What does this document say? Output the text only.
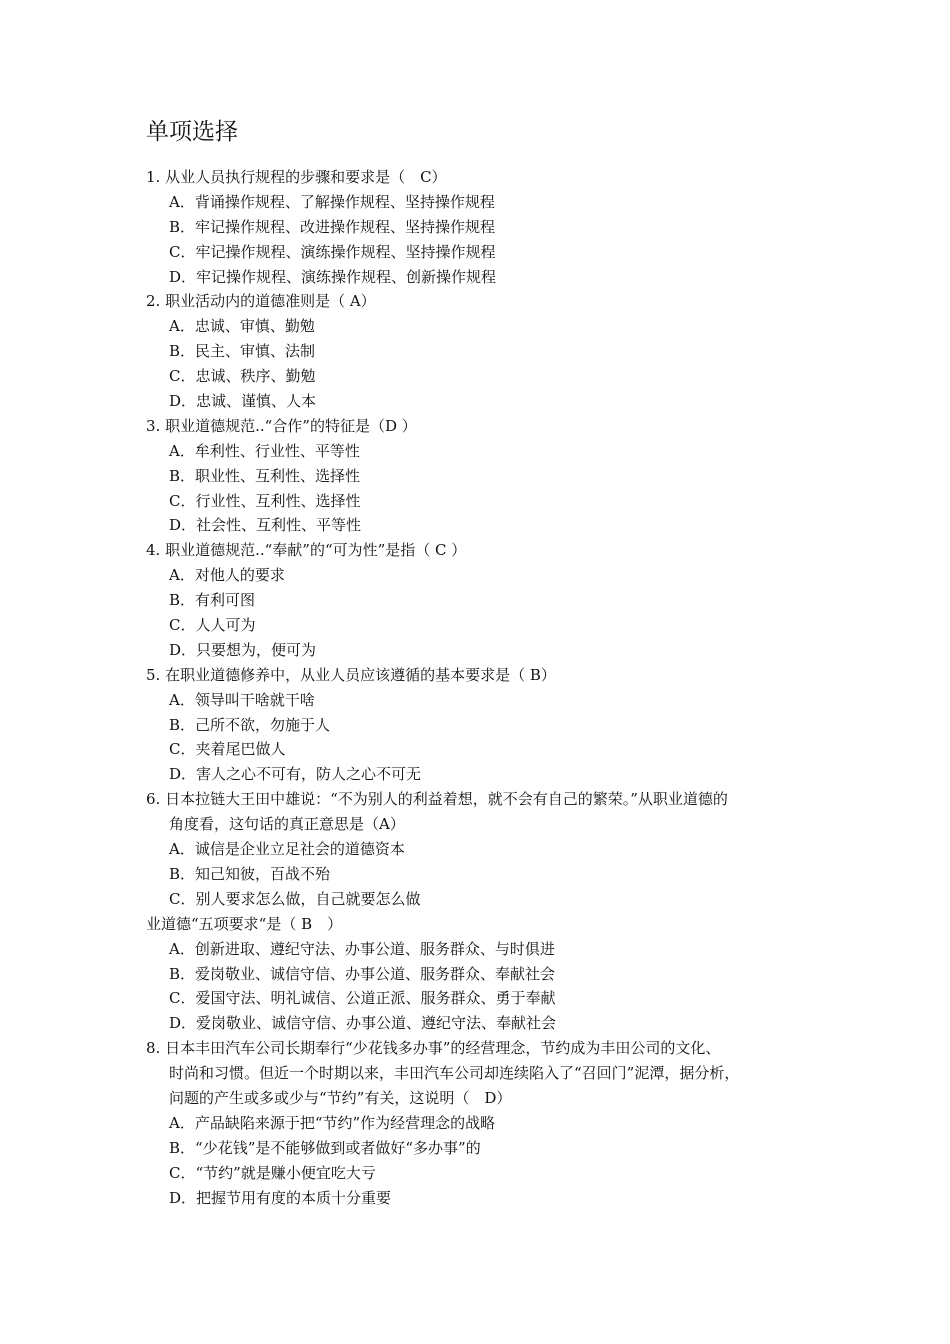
单项选择
1. 从业人员执行规程的步骤和要求是（　C）
A．背诵操作规程、了解操作规程、坚持操作规程
B．牢记操作规程、改进操作规程、坚持操作规程
C．牢记操作规程、演练操作规程、坚持操作规程
D．牢记操作规程、演练操作规程、创新操作规程
2. 职业活动内的道德准则是（ A）
A．忠诚、审慎、勤勉
B．民主、审慎、法制
C．忠诚、秩序、勤勉
D．忠诚、谨慎、人本
3. 职业道德规范..“合作”的特征是（D ）
A．牟利性、行业性、平等性
B．职业性、互利性、选择性
C．行业性、互利性、选择性
D．社会性、互利性、平等性
4. 职业道德规范..“奉献”的“可为性”是指（ C ）
A．对他人的要求
B．有利可图
C．人人可为
D．只要想为，便可为
5. 在职业道德修养中，从业人员应该遵循的基本要求是（ B）
A．领导叫干啥就干啥
B．己所不欲，勿施于人
C．夹着尾巴做人
D．害人之心不可有，防人之心不可无
6. 日本拉链大王田中雄说：“不为别人的利益着想，就不会有自己的繁荣。”从职业道德的
角度看，这句话的真正意思是（A）
A．诚信是企业立足社会的道德资本
B．知己知彼，百战不殆
C．别人要求怎么做，自己就要怎么做
业道德“五项要求“是（ B　）
A．创新进取、遵纪守法、办事公道、服务群众、与时俱进
B．爱岗敬业、诚信守信、办事公道、服务群众、奉献社会
C．爱国守法、明礼诚信、公道正派、服务群众、勇于奉献
D．爱岗敬业、诚信守信、办事公道、遵纪守法、奉献社会
8. 日本丰田汽车公司长期奉行“少花钱多办事”的经营理念，节约成为丰田公司的文化、
时尚和习惯。但近一个时期以来，丰田汽车公司却连续陷入了“召回门”泥潭，据分析，
问题的产生或多或少与“节约”有关，这说明（　D）
A．产品缺陷来源于把“节约”作为经营理念的战略
B．“少花钱”是不能够做到或者做好“多办事”的
C．“节约”就是赚小便宜吃大亏
D．把握节用有度的本质十分重要
